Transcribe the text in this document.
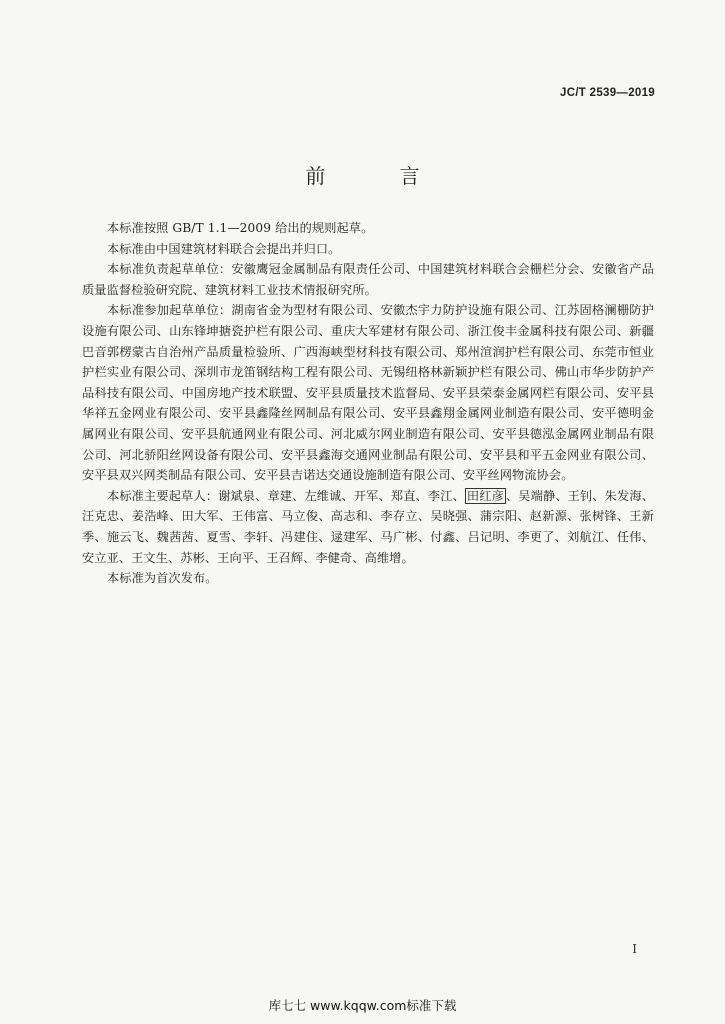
JC/T 2539—2019
前 言

本标准按照 GB/T 1.1—2009 给出的规则起草。

本标准由中国建筑材料联合会提出并归口。

本标准负责起草单位：安徽鹰冠金属制品有限责任公司、中国建筑材料联合会栅栏分会、安徽省产品质量监督检验研究院、建筑材料工业技术情报研究所。

本标准参加起草单位：湖南省金为型材有限公司、安徽杰宇力防护设施有限公司、江苏固格澜栅防护设施有限公司、山东锋坤搪瓷护栏有限公司、重庆大军建材有限公司、浙江俊丰金属科技有限公司、新疆巴音郭楞蒙古自治州产品质量检验所、广西海峡型材科技有限公司、郑州渲润护栏有限公司、东莞市恒业护栏实业有限公司、深圳市龙笛钢结构工程有限公司、无锡纽格林新颖护栏有限公司、佛山市华步防护产品科技有限公司、中国房地产技术联盟、安平县质量技术监督局、安平县荣泰金属网栏有限公司、安平县华祥五金网业有限公司、安平县鑫隆丝网制品有限公司、安平县鑫翔金属网业制造有限公司、安平德明金属网业有限公司、安平县航通网业有限公司、河北威尔网业制造有限公司、安平县德泓金属网业制品有限公司、河北骄阳丝网设备有限公司、安平县鑫海交通网业制品有限公司、安平县和平五金网业有限公司、安平县双兴网类制品有限公司、安平县吉诺达交通设施制造有限公司、安平丝网物流协会。

本标准主要起草人：谢斌泉、章建、左维诚、开军、郑直、李江、 田红彦 、吴端静、王钊、朱发海、汪克忠、姜浩峰、田大军、王伟富、马立俊、高志和、李存立、吴晓强、蒲宗阳、赵新源、张树锋、王新季、施云飞、魏茜茜、夏雪、李轩、冯建住、逯建军、马广彬、付鑫、吕记明、李更了、刘航江、任伟、安立亚、王文生、苏彬、王向平、王召辉、李健奇、高维增。

本标准为首次发布。

I
库七七 www.kqqw.com标准下载
